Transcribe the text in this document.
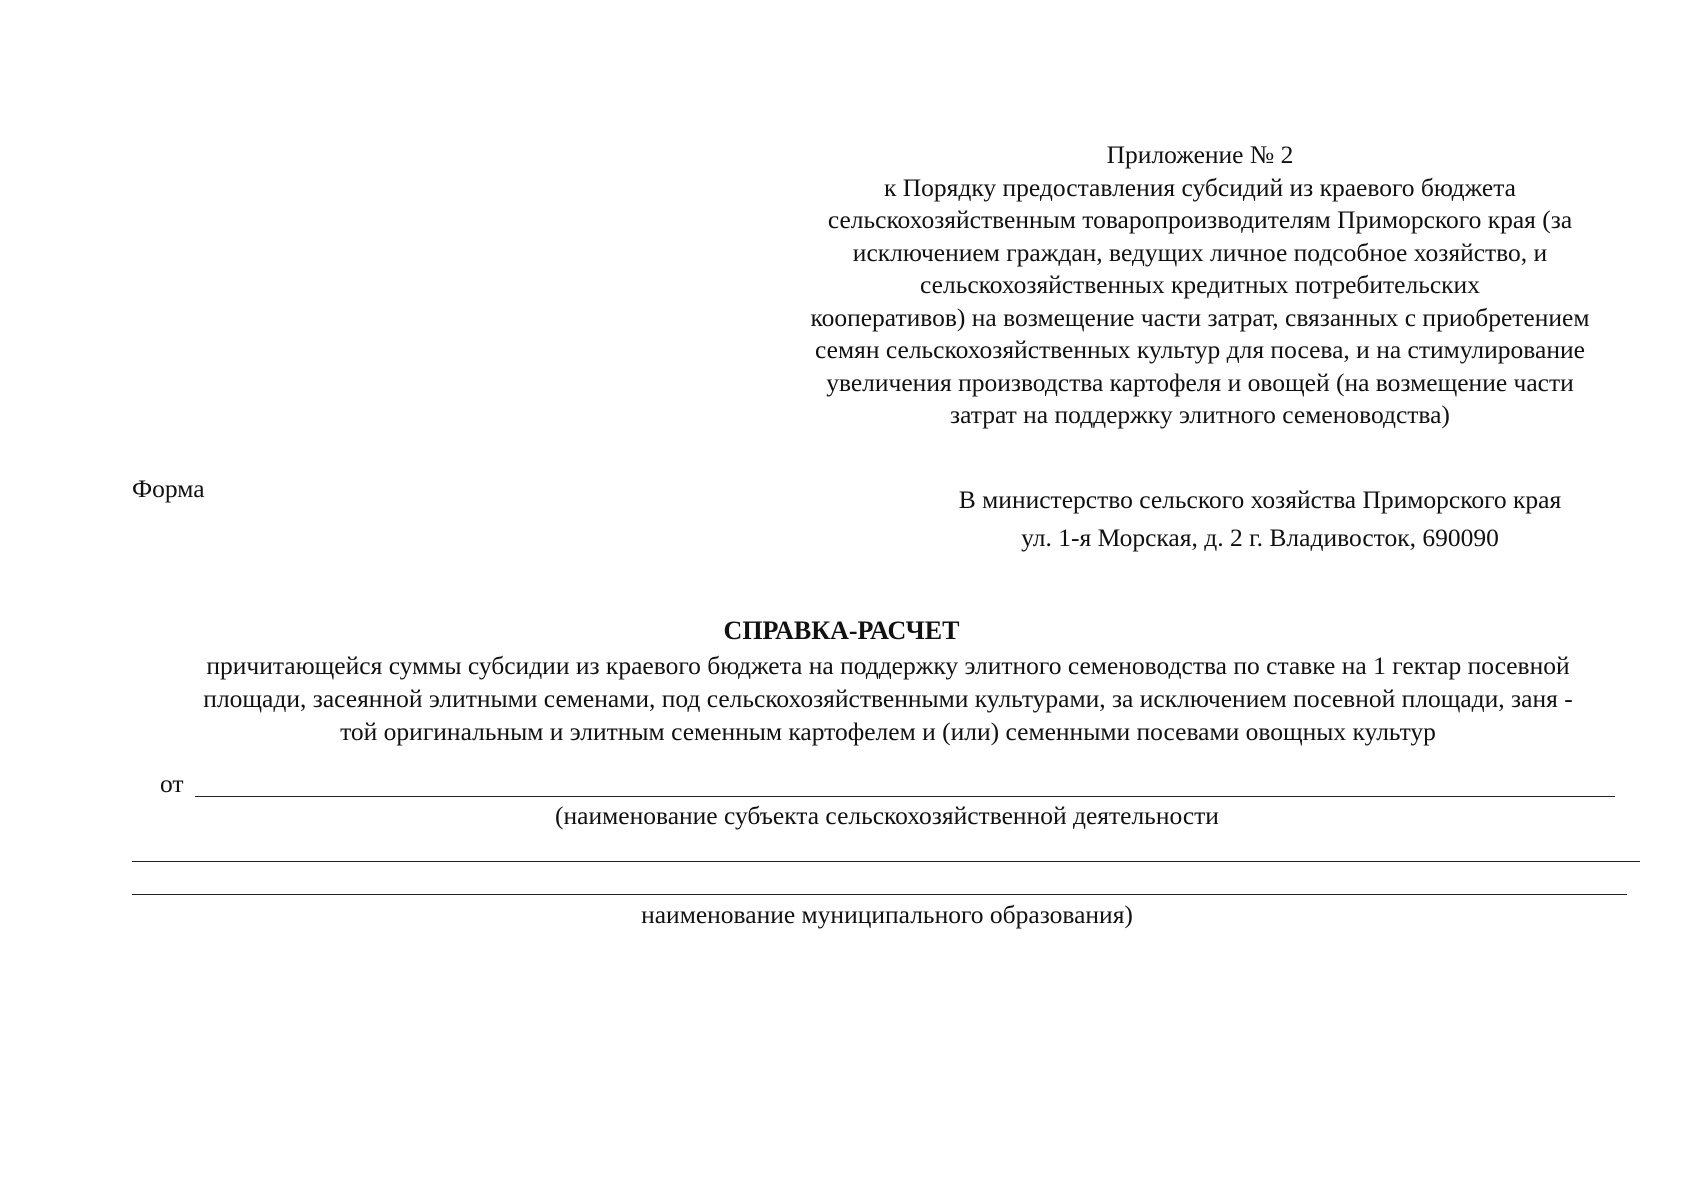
Приложение № 2
к Порядку предоставления субсидий из краевого бюджета
сельскохозяйственным товаропроизводителям Приморского края (за
исключением граждан, ведущих личное подсобное хозяйство, и
сельскохозяйственных кредитных потребительских
кооперативов) на возмещение части затрат, связанных с приобретением
семян сельскохозяйственных культур для посева, и на стимулирование
увеличения производства картофеля и овощей (на возмещение части
затрат на поддержку элитного семеноводства)
Форма	В министерство сельского хозяйства Приморского края
ул. 1-я Морская, д. 2 г. Владивосток, 690090
СПРАВКА-РАСЧЕТ
причитающейся суммы субсидии из краевого бюджета на поддержку элитного семеноводства по ставке на 1 гектар посевной
площади, засеянной элитными семенами, под сельскохозяйственными культурами, за исключением посевной площади, заня -
той оригинальным и элитным семенным картофелем и (или) семенными посевами овощных культур
от
(наименование субъекта сельскохозяйственной деятельности
наименование муниципального образования)
